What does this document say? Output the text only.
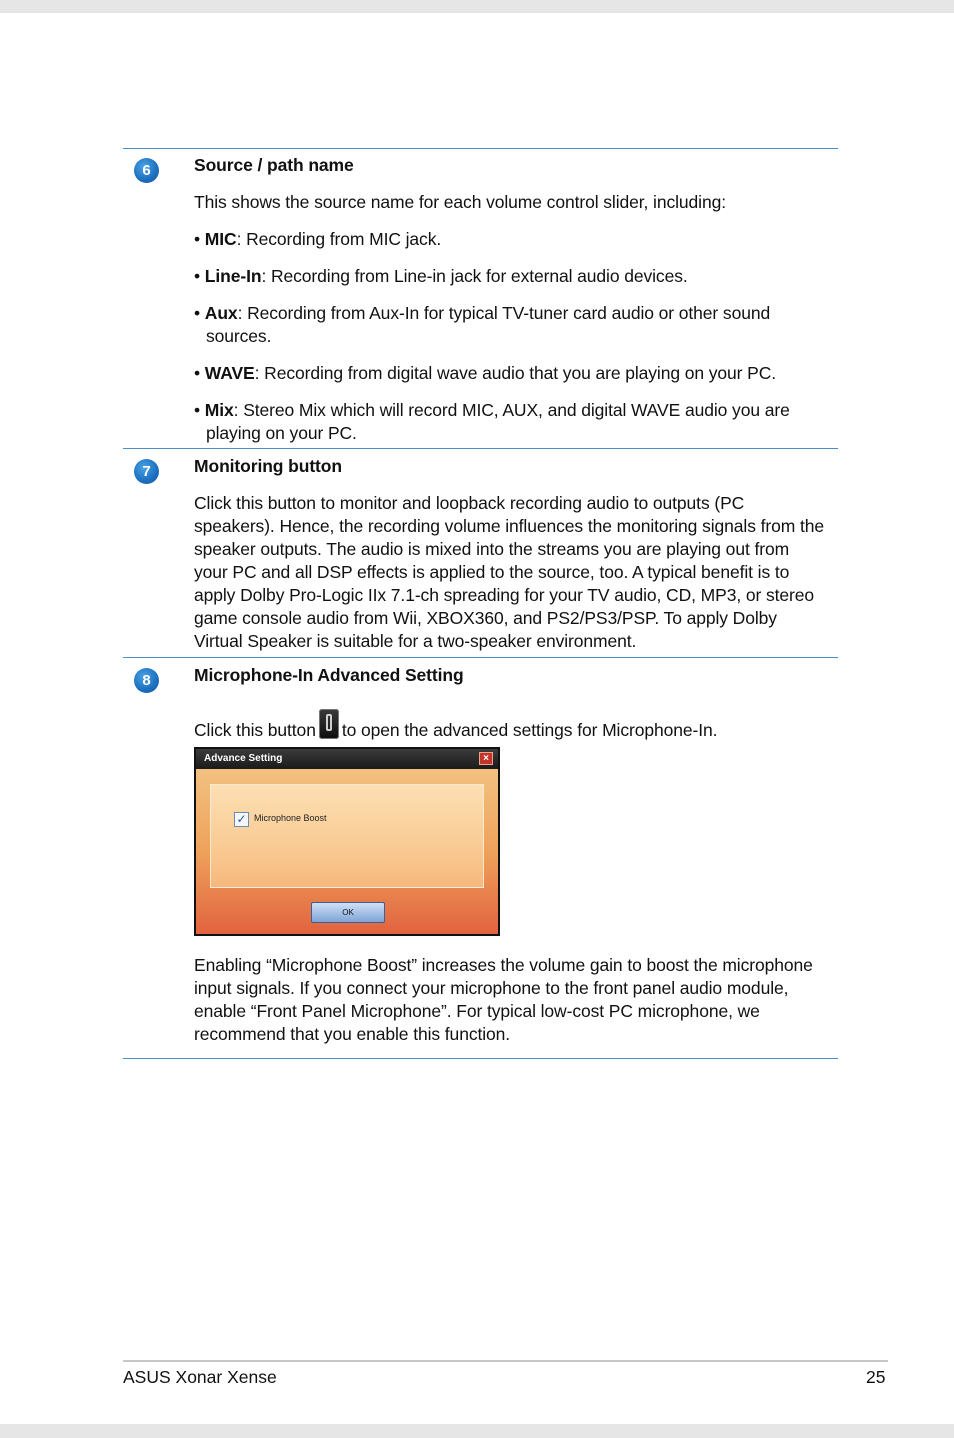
6	Source / path name
This shows the source name for each volume control slider, including:
• MIC: Recording from MIC jack.
• Line-In: Recording from Line-in jack for external audio devices.
• Aux: Recording from Aux-In for typical TV-tuner card audio or other sound sources.
• WAVE: Recording from digital wave audio that you are playing on your PC.
• Mix: Stereo Mix which will record MIC, AUX, and digital WAVE audio you are playing on your PC.
7	Monitoring button
Click this button to monitor and loopback recording audio to outputs (PC speakers). Hence, the recording volume influences the monitoring signals from the speaker outputs. The audio is mixed into the streams you are playing out from your PC and all DSP effects is applied to the source, too. A typical benefit is to apply Dolby Pro-Logic IIx 7.1-ch spreading for your TV audio, CD, MP3, or stereo game console audio from Wii, XBOX360, and PS2/PS3/PSP. To apply Dolby Virtual Speaker is suitable for a two-speaker environment.
8	Microphone-In Advanced Setting
Click this button to open the advanced settings for Microphone-In.
Advance Setting	×
✓ Microphone Boost
OK
Enabling “Microphone Boost” increases the volume gain to boost the microphone input signals. If you connect your microphone to the front panel audio module, enable “Front Panel Microphone”. For typical low-cost PC microphone, we recommend that you enable this function.
ASUS Xonar Xense	25
